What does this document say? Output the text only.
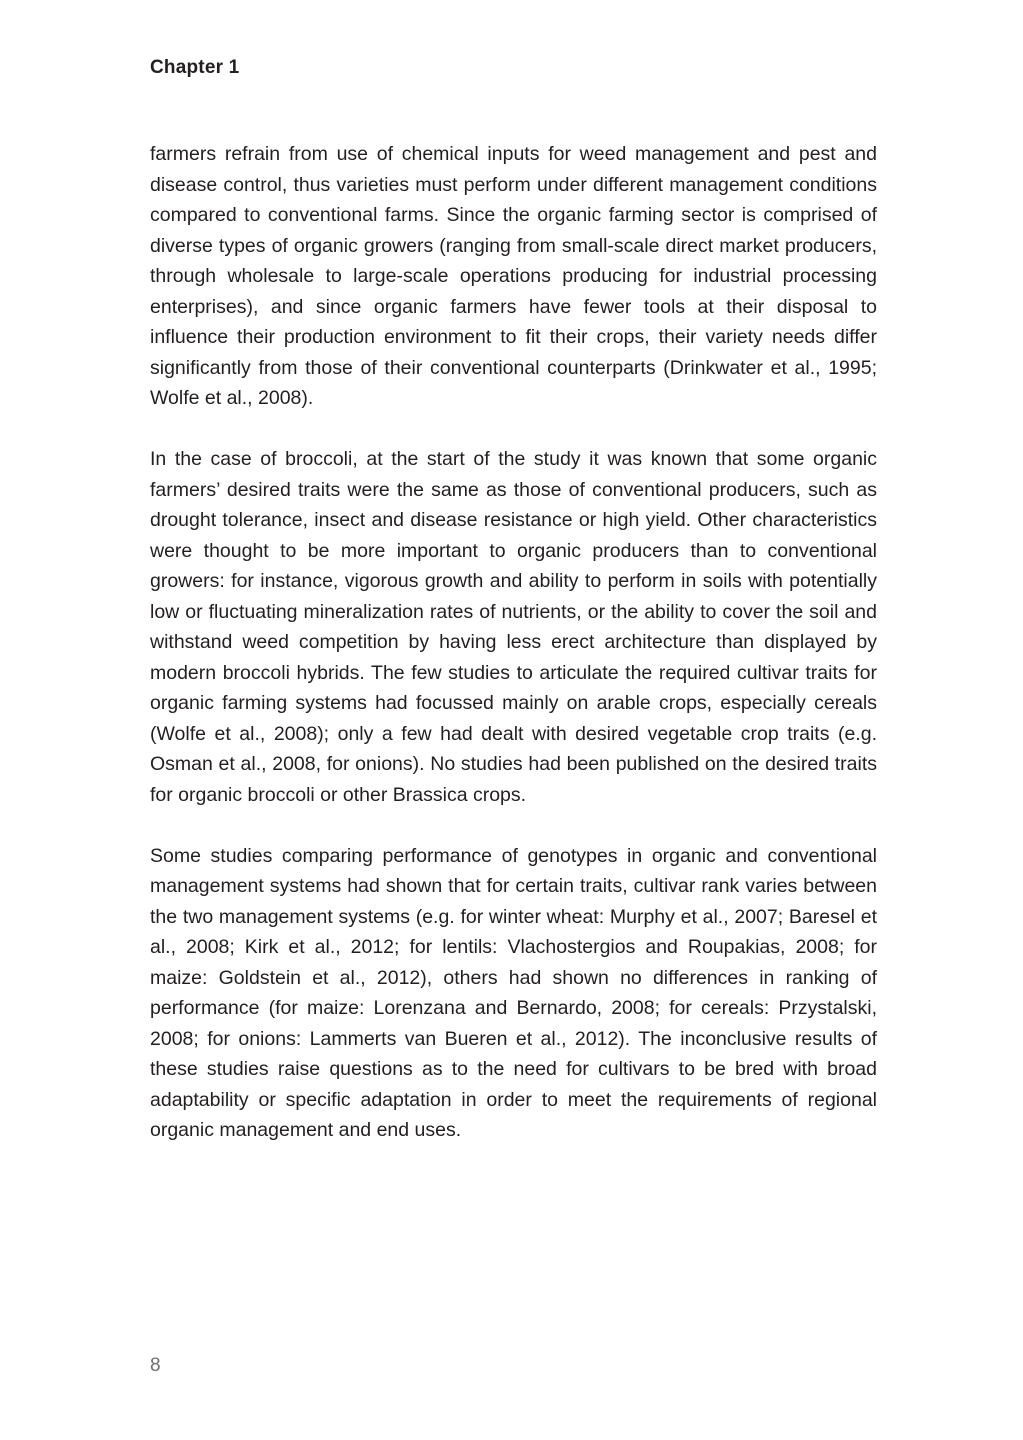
Chapter 1

farmers refrain from use of chemical inputs for weed management and pest and disease control, thus varieties must perform under different management conditions compared to conventional farms. Since the organic farming sector is comprised of diverse types of organic growers (ranging from small-scale direct market producers, through wholesale to large-scale operations producing for industrial processing enterprises), and since organic farmers have fewer tools at their disposal to influence their production environment to fit their crops, their variety needs differ significantly from those of their conventional counterparts (Drinkwater et al., 1995; Wolfe et al., 2008).

In the case of broccoli, at the start of the study it was known that some organic farmers’ desired traits were the same as those of conventional producers, such as drought tolerance, insect and disease resistance or high yield. Other characteristics were thought to be more important to organic producers than to conventional growers: for instance, vigorous growth and ability to perform in soils with potentially low or fluctuating mineralization rates of nutrients, or the ability to cover the soil and withstand weed competition by having less erect architecture than displayed by modern broccoli hybrids. The few studies to articulate the required cultivar traits for organic farming systems had focussed mainly on arable crops, especially cereals (Wolfe et al., 2008); only a few had dealt with desired vegetable crop traits (e.g. Osman et al., 2008, for onions). No studies had been published on the desired traits for organic broccoli or other Brassica crops.

Some studies comparing performance of genotypes in organic and conventional management systems had shown that for certain traits, cultivar rank varies between the two management systems (e.g. for winter wheat: Murphy et al., 2007; Baresel et al., 2008; Kirk et al., 2012; for lentils: Vlachostergios and Roupakias, 2008; for maize: Goldstein et al., 2012), others had shown no differences in ranking of performance (for maize: Lorenzana and Bernardo, 2008; for cereals: Przystalski, 2008; for onions: Lammerts van Bueren et al., 2012). The inconclusive results of these studies raise questions as to the need for cultivars to be bred with broad adaptability or specific adaptation in order to meet the requirements of regional organic management and end uses.

8
